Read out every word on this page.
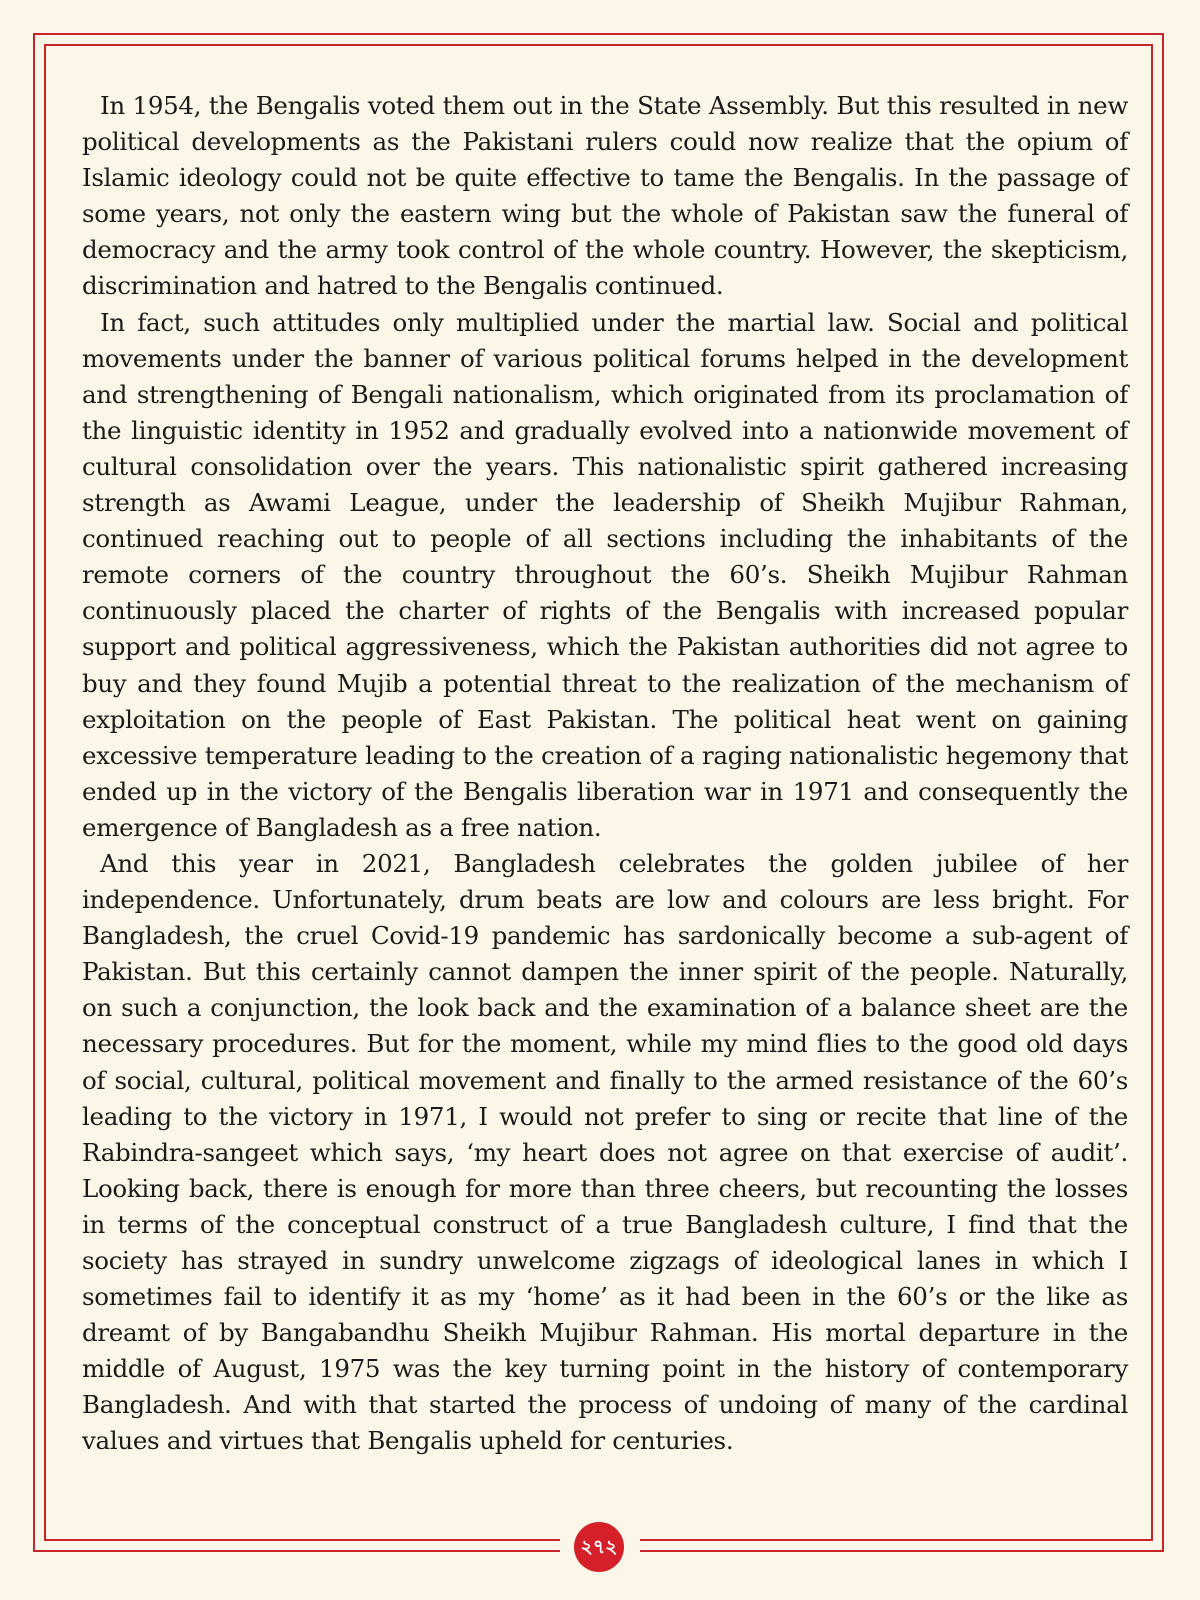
In 1954, the Bengalis voted them out in the State Assembly. But this resulted in new political developments as the Pakistani rulers could now realize that the opium of Islamic ideology could not be quite effective to tame the Bengalis. In the passage of some years, not only the eastern wing but the whole of Pakistan saw the funeral of democracy and the army took control of the whole country. However, the skepticism, discrimination and hatred to the Bengalis continued.

In fact, such attitudes only multiplied under the martial law. Social and political movements under the banner of various political forums helped in the development and strengthening of Bengali nationalism, which originated from its proclamation of the linguistic identity in 1952 and gradually evolved into a nationwide movement of cultural consolidation over the years. This nationalistic spirit gathered increasing strength as Awami League, under the leadership of Sheikh Mujibur Rahman, continued reaching out to people of all sections including the inhabitants of the remote corners of the country throughout the 60’s. Sheikh Mujibur Rahman continuously placed the charter of rights of the Bengalis with increased popular support and political aggressiveness, which the Pakistan authorities did not agree to buy and they found Mujib a potential threat to the realization of the mechanism of exploitation on the people of East Pakistan. The political heat went on gaining excessive temperature leading to the creation of a raging nationalistic hegemony that ended up in the victory of the Bengalis liberation war in 1971 and consequently the emergence of Bangladesh as a free nation.

And this year in 2021, Bangladesh celebrates the golden jubilee of her independence. Unfortunately, drum beats are low and colours are less bright. For Bangladesh, the cruel Covid-19 pandemic has sardonically become a sub-agent of Pakistan. But this certainly cannot dampen the inner spirit of the people. Naturally, on such a conjunction, the look back and the examination of a balance sheet are the necessary procedures. But for the moment, while my mind flies to the good old days of social, cultural, political movement and finally to the armed resistance of the 60’s leading to the victory in 1971, I would not prefer to sing or recite that line of the Rabindra-sangeet which says, ‘my heart does not agree on that exercise of audit’. Looking back, there is enough for more than three cheers, but recounting the losses in terms of the conceptual construct of a true Bangladesh culture, I find that the society has strayed in sundry unwelcome zigzags of ideological lanes in which I sometimes fail to identify it as my ‘home’ as it had been in the 60’s or the like as dreamt of by Bangabandhu Sheikh Mujibur Rahman. His mortal departure in the middle of August, 1975 was the key turning point in the history of contemporary Bangladesh. And with that started the process of undoing of many of the cardinal values and virtues that Bengalis upheld for centuries.

২৭২
